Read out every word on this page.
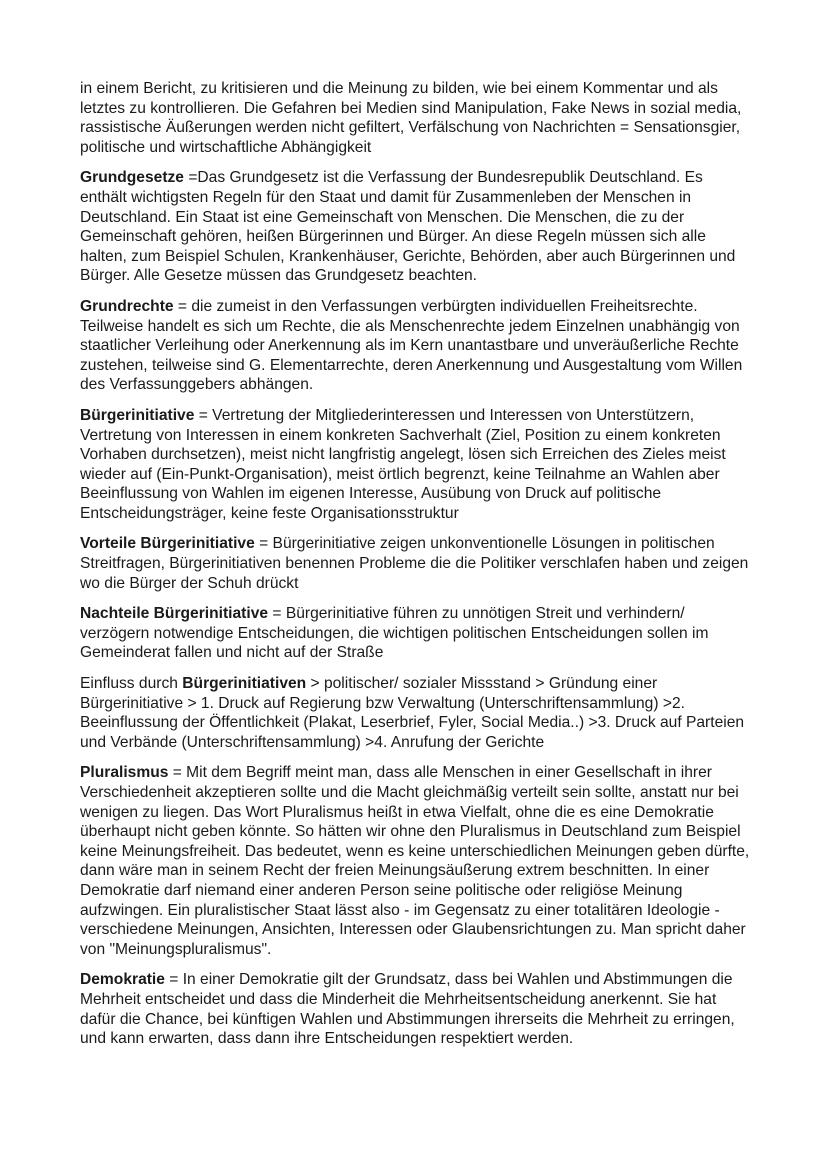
in einem Bericht, zu kritisieren und die Meinung zu bilden, wie bei einem Kommentar und als letztes zu kontrollieren. Die Gefahren bei Medien sind Manipulation, Fake News in sozial media, rassistische Äußerungen werden nicht gefiltert, Verfälschung von Nachrichten = Sensationsgier, politische und wirtschaftliche Abhängigkeit

Grundgesetze =Das Grundgesetz ist die Verfassung der Bundesrepublik Deutschland. Es enthält wichtigsten Regeln für den Staat und damit für Zusammenleben der Menschen in Deutschland. Ein Staat ist eine Gemeinschaft von Menschen. Die Menschen, die zu der Gemeinschaft gehören, heißen Bürgerinnen und Bürger. An diese Regeln müssen sich alle halten, zum Beispiel Schulen, Krankenhäuser, Gerichte, Behörden, aber auch Bürgerinnen und Bürger. Alle Gesetze müssen das Grundgesetz beachten.

Grundrechte = die zumeist in den Verfassungen verbürgten individuellen Freiheitsrechte. Teilweise handelt es sich um Rechte, die als Menschenrechte jedem Einzelnen unabhängig von staatlicher Verleihung oder Anerkennung als im Kern unantastbare und unveräußerliche Rechte zustehen, teilweise sind G. Elementarrechte, deren Anerkennung und Ausgestaltung vom Willen des Verfassunggebers abhängen.

Bürgerinitiative = Vertretung der Mitgliederinteressen und Interessen von Unterstützern, Vertretung von Interessen in einem konkreten Sachverhalt (Ziel, Position zu einem konkreten Vorhaben durchsetzen), meist nicht langfristig angelegt, lösen sich Erreichen des Zieles meist wieder auf (Ein-Punkt-Organisation), meist örtlich begrenzt, keine Teilnahme an Wahlen aber Beeinflussung von Wahlen im eigenen Interesse, Ausübung von Druck auf politische Entscheidungsträger, keine feste Organisationsstruktur

Vorteile Bürgerinitiative = Bürgerinitiative zeigen unkonventionelle Lösungen in politischen Streitfragen, Bürgerinitiativen benennen Probleme die die Politiker verschlafen haben und zeigen wo die Bürger der Schuh drückt

Nachteile Bürgerinitiative = Bürgerinitiative führen zu unnötigen Streit und verhindern/ verzögern notwendige Entscheidungen, die wichtigen politischen Entscheidungen sollen im Gemeinderat fallen und nicht auf der Straße

Einfluss durch Bürgerinitiativen > politischer/ sozialer Missstand > Gründung einer Bürgerinitiative > 1. Druck auf Regierung bzw Verwaltung (Unterschriftensammlung) >2. Beeinflussung der Öffentlichkeit (Plakat, Leserbrief, Fyler, Social Media..) >3. Druck auf Parteien und Verbände (Unterschriftensammlung) >4. Anrufung der Gerichte

Pluralismus = Mit dem Begriff meint man, dass alle Menschen in einer Gesellschaft in ihrer Verschiedenheit akzeptieren sollte und die Macht gleichmäßig verteilt sein sollte, anstatt nur bei wenigen zu liegen. Das Wort Pluralismus heißt in etwa Vielfalt, ohne die es eine Demokratie überhaupt nicht geben könnte. So hätten wir ohne den Pluralismus in Deutschland zum Beispiel keine Meinungsfreiheit. Das bedeutet, wenn es keine unterschiedlichen Meinungen geben dürfte, dann wäre man in seinem Recht der freien Meinungsäußerung extrem beschnitten. In einer Demokratie darf niemand einer anderen Person seine politische oder religiöse Meinung aufzwingen. Ein pluralistischer Staat lässt also - im Gegensatz zu einer totalitären Ideologie - verschiedene Meinungen, Ansichten, Interessen oder Glaubensrichtungen zu. Man spricht daher von "Meinungspluralismus".

Demokratie = In einer Demokratie gilt der Grundsatz, dass bei Wahlen und Abstimmungen die Mehrheit entscheidet und dass die Minderheit die Mehrheitsentscheidung anerkennt. Sie hat dafür die Chance, bei künftigen Wahlen und Abstimmungen ihrerseits die Mehrheit zu erringen, und kann erwarten, dass dann ihre Entscheidungen respektiert werden.
